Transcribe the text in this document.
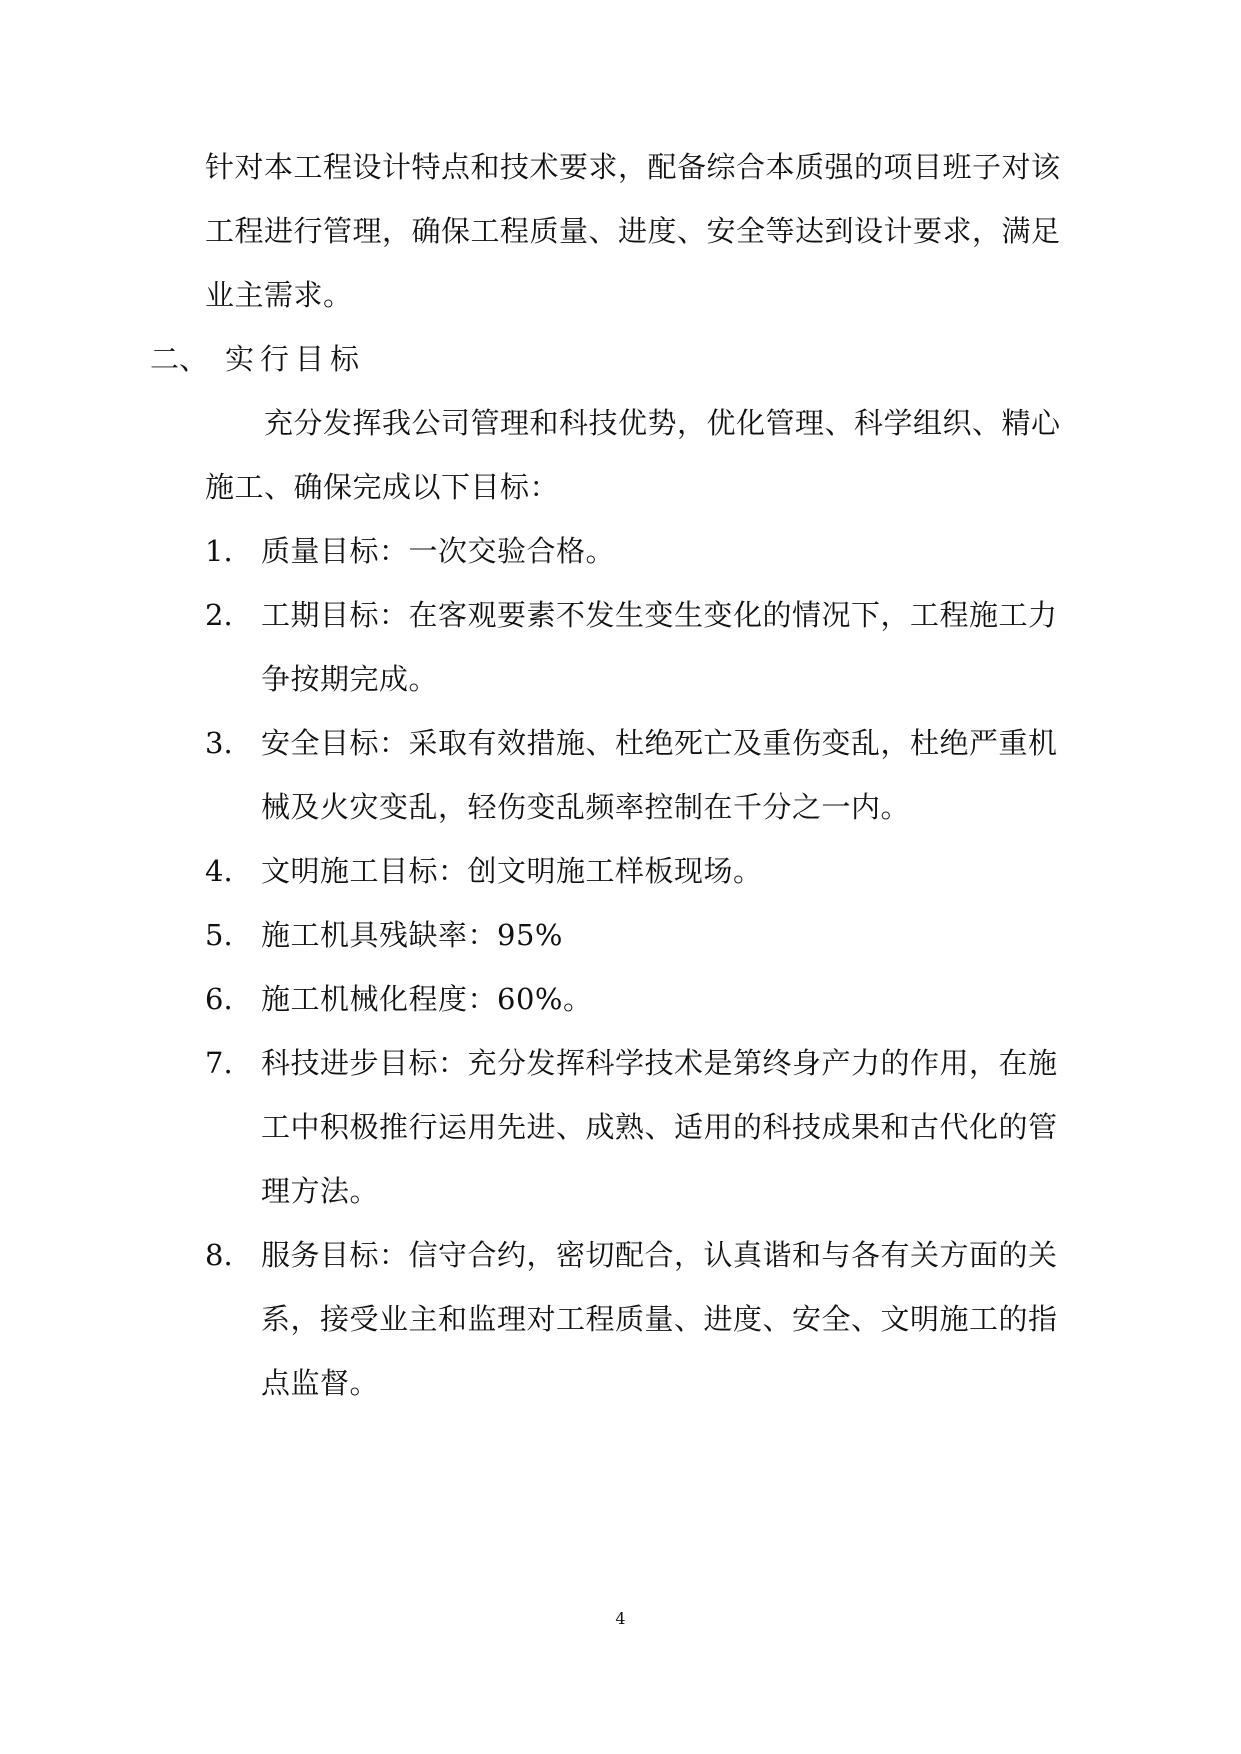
针对本工程设计特点和技术要求，配备综合本质强的项目班子对该
工程进行管理，确保工程质量、进度、安全等达到设计要求，满足
业主需求。
二、 实行目标
充分发挥我公司管理和科技优势，优化管理、科学组织、精心
施工、确保完成以下目标：
1. 质量目标：一次交验合格。
2. 工期目标：在客观要素不发生变生变化的情况下，工程施工力
争按期完成。
3. 安全目标：采取有效措施、杜绝死亡及重伤变乱，杜绝严重机
械及火灾变乱，轻伤变乱频率控制在千分之一内。
4. 文明施工目标：创文明施工样板现场。
5. 施工机具残缺率：95%
6. 施工机械化程度：60%。
7. 科技进步目标：充分发挥科学技术是第终身产力的作用，在施
工中积极推行运用先进、成熟、适用的科技成果和古代化的管
理方法。
8. 服务目标：信守合约，密切配合，认真谐和与各有关方面的关
系，接受业主和监理对工程质量、进度、安全、文明施工的指
点监督。
4
